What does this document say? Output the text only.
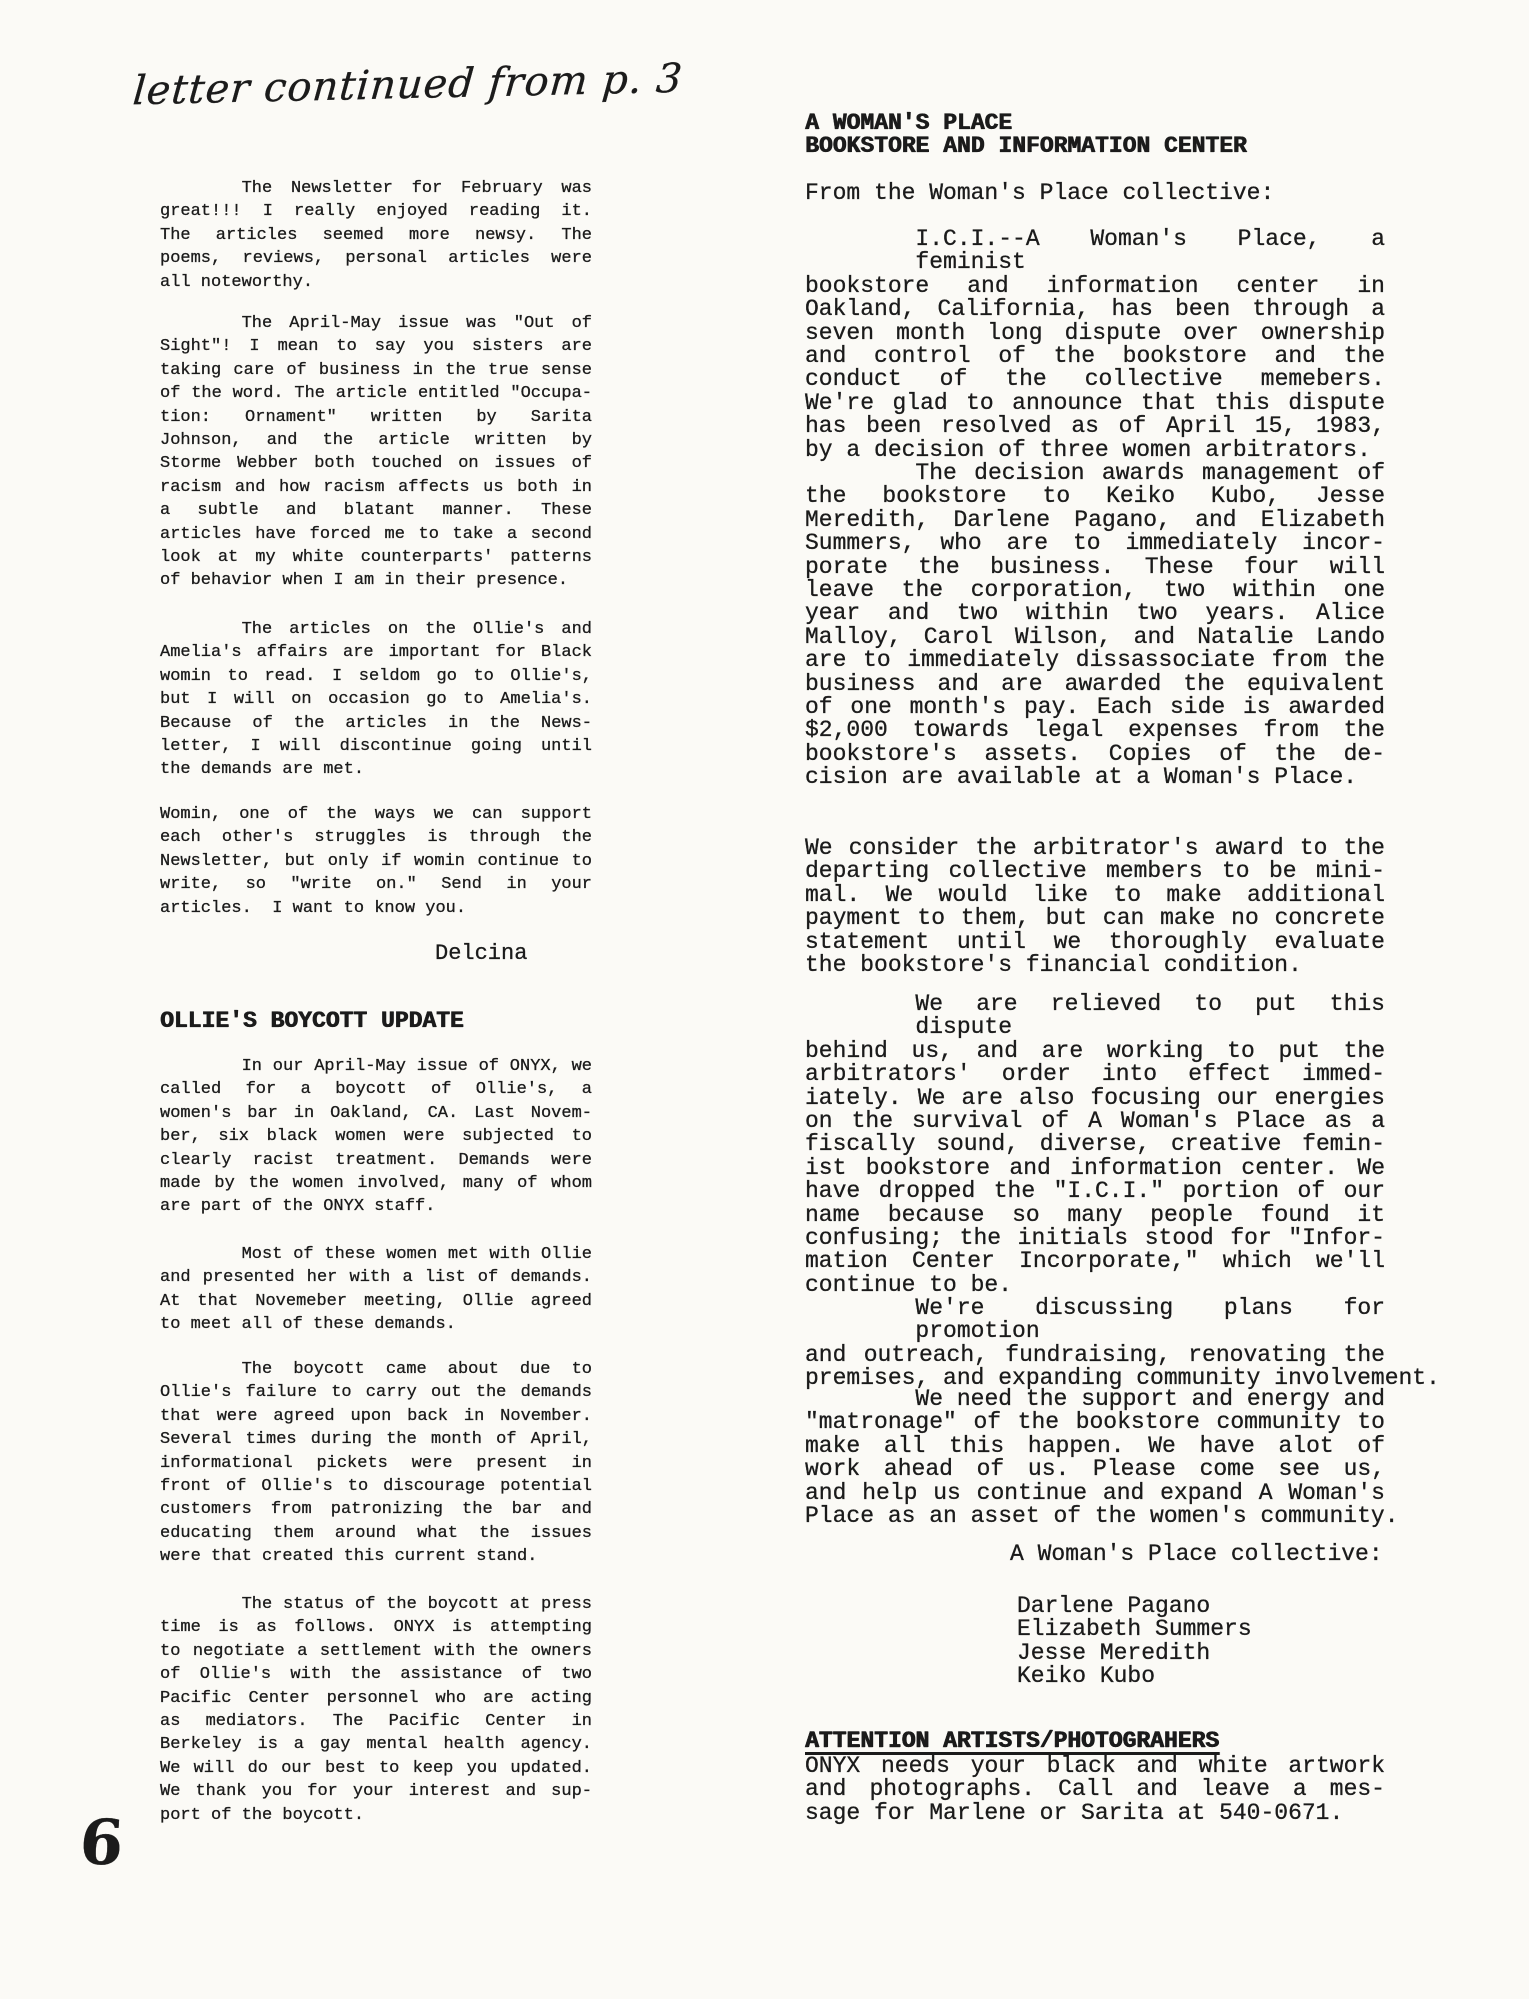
letter continued from p. 3
The Newsletter for February was
great!!! I really enjoyed reading it.
The articles seemed more newsy. The
poems, reviews, personal articles were
all noteworthy.
The April-May issue was "Out of
Sight"! I mean to say you sisters are
taking care of business in the true sense
of the word. The article entitled "Occupa-
tion: Ornament" written by Sarita
Johnson, and the article written by
Storme Webber both touched on issues of
racism and how racism affects us both in
a subtle and blatant manner. These
articles have forced me to take a second
look at my white counterparts' patterns
of behavior when I am in their presence.
The articles on the Ollie's and
Amelia's affairs are important for Black
womin to read. I seldom go to Ollie's,
but I will on occasion go to Amelia's.
Because of the articles in the News-
letter, I will discontinue going until
the demands are met.
Womin, one of the ways we can support
each other's struggles is through the
Newsletter, but only if womin continue to
write, so "write on." Send in your
articles.  I want to know you.
Delcina
OLLIE'S BOYCOTT UPDATE
In our April-May issue of ONYX, we
called for a boycott of Ollie's, a
women's bar in Oakland, CA. Last Novem-
ber, six black women were subjected to
clearly racist treatment. Demands were
made by the women involved, many of whom
are part of the ONYX staff.
Most of these women met with Ollie
and presented her with a list of demands.
At that Novemeber meeting, Ollie agreed
to meet all of these demands.
The boycott came about due to
Ollie's failure to carry out the demands
that were agreed upon back in November.
Several times during the month of April,
informational pickets were present in
front of Ollie's to discourage potential
customers from patronizing the bar and
educating them around what the issues
were that created this current stand.
The status of the boycott at press
time is as follows. ONYX is attempting
to negotiate a settlement with the owners
of Ollie's with the assistance of two
Pacific Center personnel who are acting
as mediators. The Pacific Center in
Berkeley is a gay mental health agency.
We will do our best to keep you updated.
We thank you for your interest and sup-
port of the boycott.
A WOMAN'S PLACE
BOOKSTORE AND INFORMATION CENTER
From the Woman's Place collective:
I.C.I.--A Woman's Place, a feminist
bookstore and information center in
Oakland, California, has been through a
seven month long dispute over ownership
and control of the bookstore and the
conduct of the collective memebers.
We're glad to announce that this dispute
has been resolved as of April 15, 1983,
by a decision of three women arbitrators.
The decision awards management of
the bookstore to Keiko Kubo, Jesse
Meredith, Darlene Pagano, and Elizabeth
Summers, who are to immediately incor-
porate the business. These four will
leave the corporation, two within one
year and two within two years. Alice
Malloy, Carol Wilson, and Natalie Lando
are to immediately dissassociate from the
business and are awarded the equivalent
of one month's pay. Each side is awarded
$2,000 towards legal expenses from the
bookstore's assets. Copies of the de-
cision are available at a Woman's Place.
We consider the arbitrator's award to the
departing collective members to be mini-
mal. We would like to make additional
payment to them, but can make no concrete
statement until we thoroughly evaluate
the bookstore's financial condition.
We are relieved to put this dispute
behind us, and are working to put the
arbitrators' order into effect immed-
iately. We are also focusing our energies
on the survival of A Woman's Place as a
fiscally sound, diverse, creative femin-
ist bookstore and information center. We
have dropped the "I.C.I." portion of our
name because so many people found it
confusing; the initials stood for "Infor-
mation Center Incorporate," which we'll
continue to be.
We're discussing plans for promotion
and outreach, fundraising, renovating the
premises, and expanding community involvement.
We need the support and energy and
"matronage" of the bookstore community to
make all this happen. We have alot of
work ahead of us. Please come see us,
and help us continue and expand A Woman's
Place as an asset of the women's community.
A Woman's Place collective:
Darlene Pagano
Elizabeth Summers
Jesse Meredith
Keiko Kubo
ATTENTION ARTISTS/PHOTOGRAHERS
ONYX needs your black and white artwork
and photographs. Call and leave a mes-
sage for Marlene or Sarita at 540-0671.
6
